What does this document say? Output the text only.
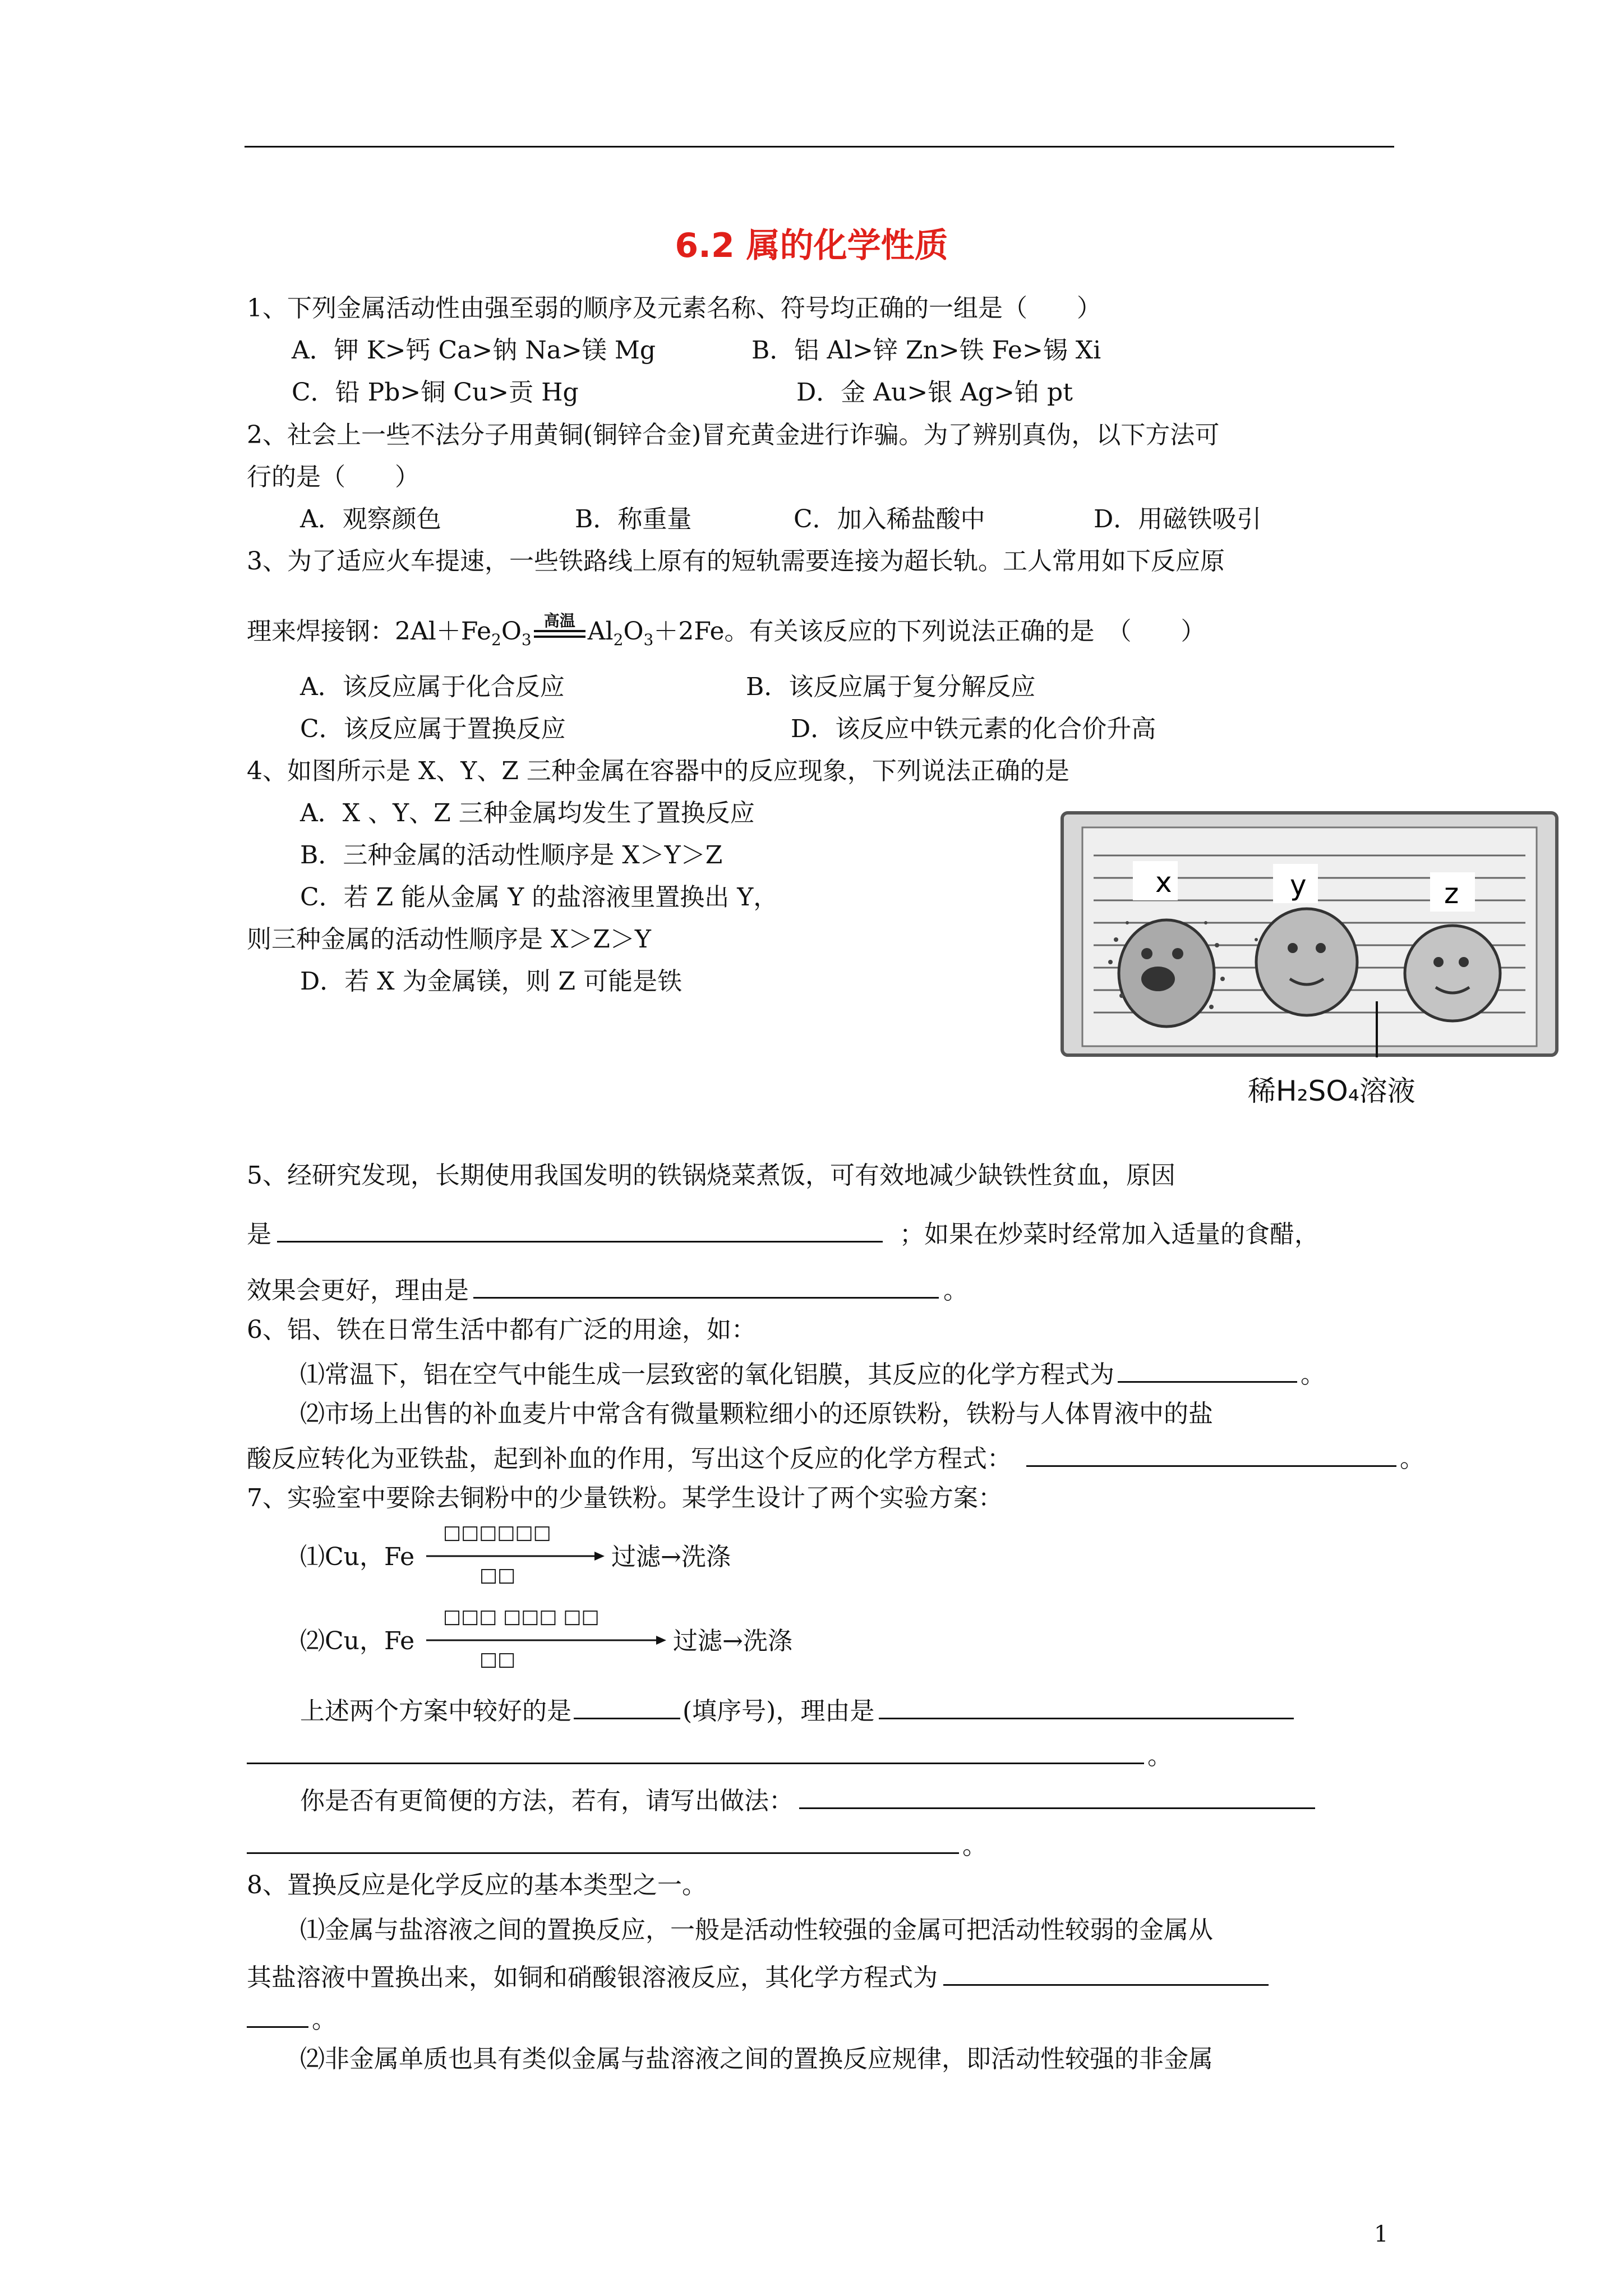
6.2 属的化学性质
1、下列金属活动性由强至弱的顺序及元素名称、符号均正确的一组是（　　）
A．钾 K>钙 Ca>钠 Na>镁 Mg	B．铝 Al>锌 Zn>铁 Fe>锡 Xi
C．铅 Pb>铜 Cu>贡 Hg	D．金 Au>银 Ag>铂 pt
2、社会上一些不法分子用黄铜(铜锌合金)冒充黄金进行诈骗。为了辨别真伪，以下方法可
行的是（　　）
A．观察颜色	B．称重量	C．加入稀盐酸中	D．用磁铁吸引
3、为了适应火车提速，一些铁路线上原有的短轨需要连接为超长轨。工人常用如下反应原
理来焊接钢：$2Al+Fe_2O_3$
高温 $Al_2O_3+2Fe$。有关该反应的下列说法正确的是　（　　）
A．该反应属于化合反应	B．该反应属于复分解反应
C．该反应属于置换反应	D．该反应中铁元素的化合价升高
4、如图所示是 X、Y、Z 三种金属在容器中的反应现象，下列说法正确的是
A．X 、Y、Z 三种金属均发生了置换反应
B．三种金属的活动性顺序是 X＞Y＞Z
C．若 Z 能从金属 Y 的盐溶液里置换出 Y，
则三种金属的活动性顺序是 X＞Z＞Y
D．若 X 为金属镁，则 Z 可能是铁
x	y	z
稀H₂SO₄溶液
5、经研究发现，长期使用我国发明的铁锅烧菜煮饭，可有效地减少缺铁性贫血，原因
是	；如果在炒菜时经常加入适量的食醋，
效果会更好，理由是	。
6、铝、铁在日常生活中都有广泛的用途，如：
⑴常温下，铝在空气中能生成一层致密的氧化铝膜，其反应的化学方程式为	。
⑵市场上出售的补血麦片中常含有微量颗粒细小的还原铁粉，铁粉与人体胃液中的盐
酸反应转化为亚铁盐，起到补血的作用，写出这个反应的化学方程式：	。
7、实验室中要除去铜粉中的少量铁粉。某学生设计了两个实验方案：
⑴Cu，Fe
□□□□□□
□□
过滤→洗涤
⑵Cu，Fe
□□□ □□□ □□
□□
过滤→洗涤
上述两个方案中较好的是	(填序号)，理由是
。
你是否有更简便的方法，若有，请写出做法：
。
8、置换反应是化学反应的基本类型之一。
⑴金属与盐溶液之间的置换反应，一般是活动性较强的金属可把活动性较弱的金属从
其盐溶液中置换出来，如铜和硝酸银溶液反应，其化学方程式为
。
⑵非金属单质也具有类似金属与盐溶液之间的置换反应规律，即活动性较强的非金属
1
